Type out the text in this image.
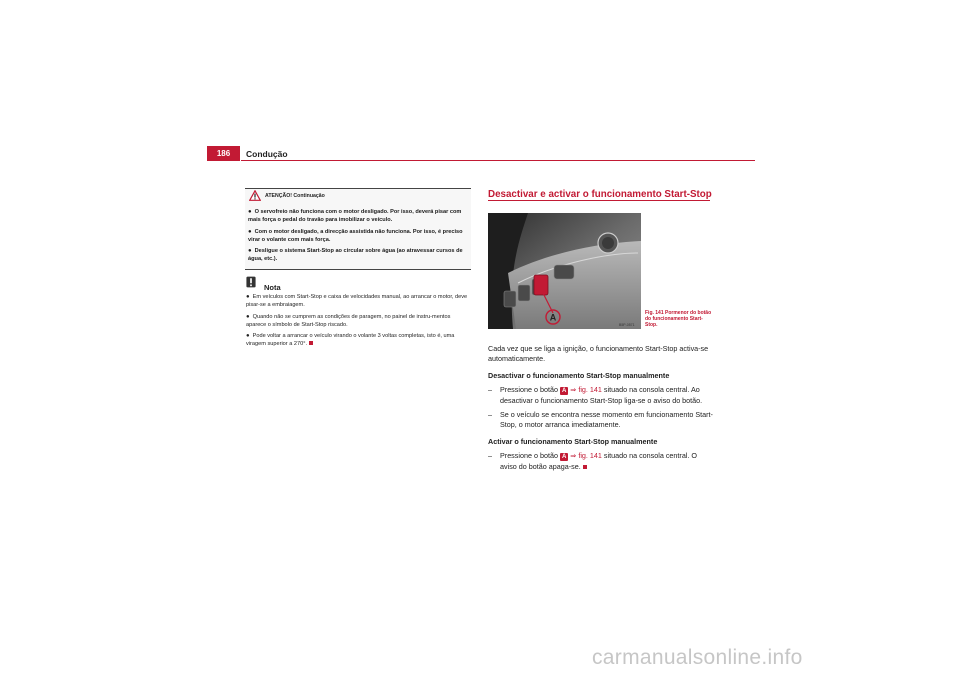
186	Condução
ATENÇÃO! Continuação
● O servofreio não funciona com o motor desligado. Por isso, deverá pisar com mais força o pedal do travão para imobilizar o veículo.
● Com o motor desligado, a direcção assistida não funciona. Por isso, é preciso virar o volante com mais força.
● Desligue o sistema Start-Stop ao circular sobre água (ao atravessar cursos de água, etc.).
Nota
● Em veículos com Start-Stop e caixa de velocidades manual, ao arrancar o motor, deve pisar-se a embraiagem.
● Quando não se cumprem as condições de paragem, no painel de instru-mentos aparece o símbolo de Start-Stop riscado.
● Pode voltar a arrancar o veículo virando o volante 3 voltas completas, isto é, uma viragem superior a 270°.
Desactivar e activar o funcionamento Start-Stop
A
B5P-0571
Fig. 141 Pormenor do botão do funcionamento Start-Stop.

Cada vez que se liga a ignição, o funcionamento Start-Stop activa-se automaticamente.

Desactivar o funcionamento Start-Stop manualmente

–	Pressione o botão A ⇒ fig. 141 situado na consola central. Ao desactivar o funcionamento Start-Stop liga-se o aviso do botão.

–	Se o veículo se encontra nesse momento em funcionamento Start-Stop, o motor arranca imediatamente.

Activar o funcionamento Start-Stop manualmente

–	Pressione o botão A ⇒ fig. 141 situado na consola central. O aviso do botão apaga-se.

carmanualsonline.info
